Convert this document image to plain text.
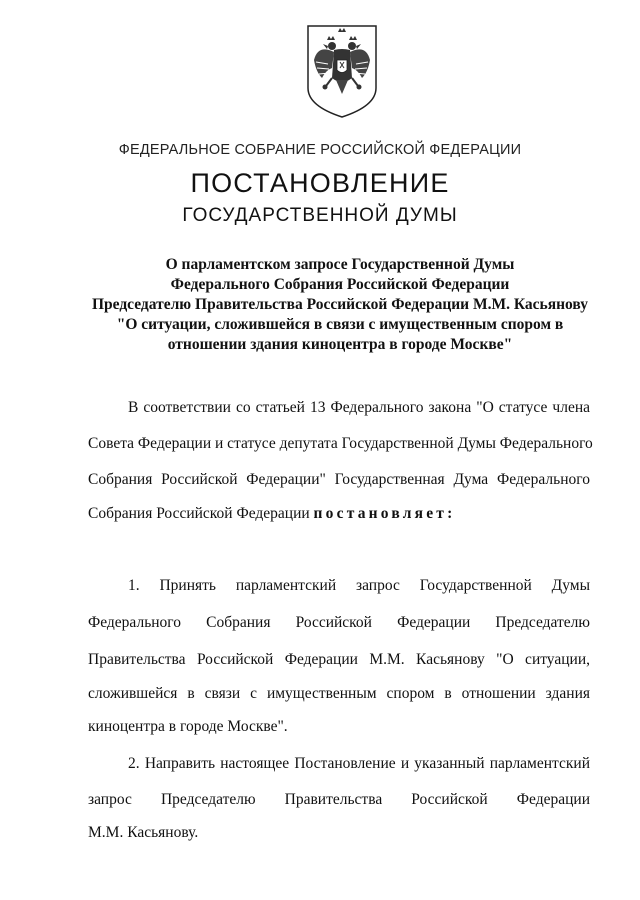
ФЕДЕРАЛЬНОЕ СОБРАНИЕ РОССИЙСКОЙ ФЕДЕРАЦИИ
ПОСТАНОВЛЕНИЕ
ГОСУДАРСТВЕННОЙ ДУМЫ
О парламентском запросе Государственной Думы
Федерального Собрания Российской Федерации
Председателю Правительства Российской Федерации М.М. Касьянову
"О ситуации, сложившейся в связи с имущественным спором в
отношении здания киноцентра в городе Москве"
В соответствии со статьей 13 Федерального закона "О статусе члена
Совета Федерации и статусе депутата Государственной Думы Федерального
Собрания Российской Федерации" Государственная Дума Федерального
Собрания Российской Федерации постановляет:
1. Принять парламентский запрос Государственной Думы
Федерального Собрания Российской Федерации Председателю
Правительства Российской Федерации М.М. Касьянову "О ситуации,
сложившейся в связи с имущественным спором в отношении здания
киноцентра в городе Москве".
2. Направить настоящее Постановление и указанный парламентский
запрос Председателю Правительства Российской Федерации
М.М. Касьянову.
